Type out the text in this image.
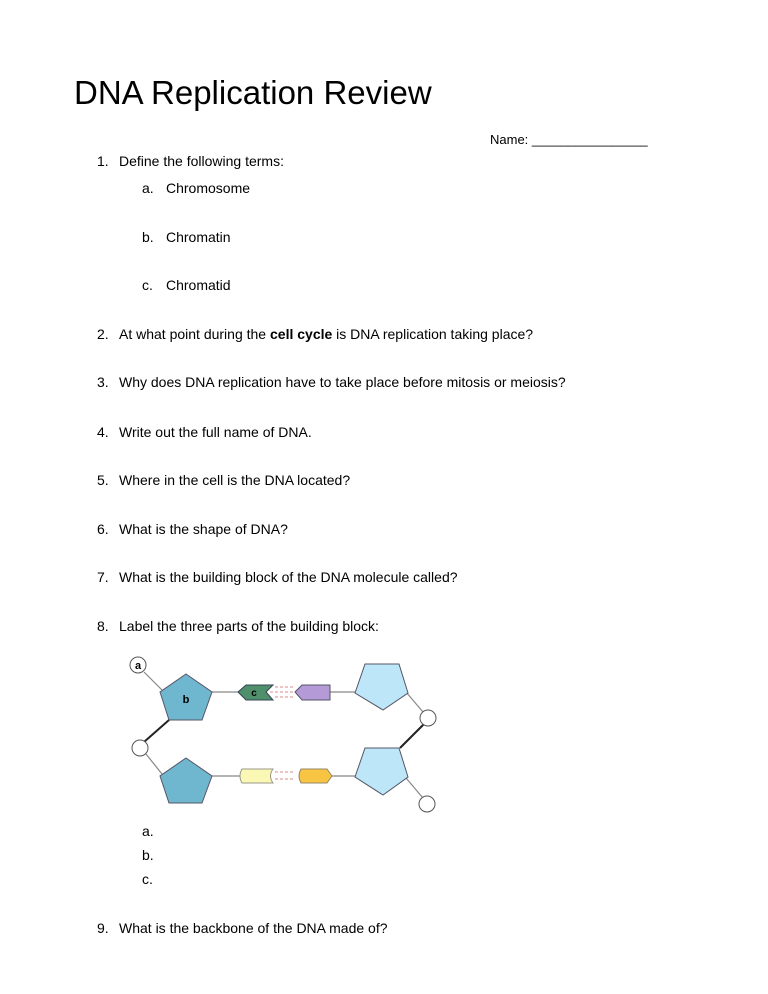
DNA Replication Review
Name: ________________
1. Define the following terms:
a. Chromosome
b. Chromatin
c. Chromatid
2. At what point during the cell cycle is DNA replication taking place?
3. Why does DNA replication have to take place before mitosis or meiosis?
4. Write out the full name of DNA.
5. Where in the cell is the DNA located?
6. What is the shape of DNA?
7. What is the building block of the DNA molecule called?
8. Label the three parts of the building block:
a
b
c
a.
b.
c.
9. What is the backbone of the DNA made of?
